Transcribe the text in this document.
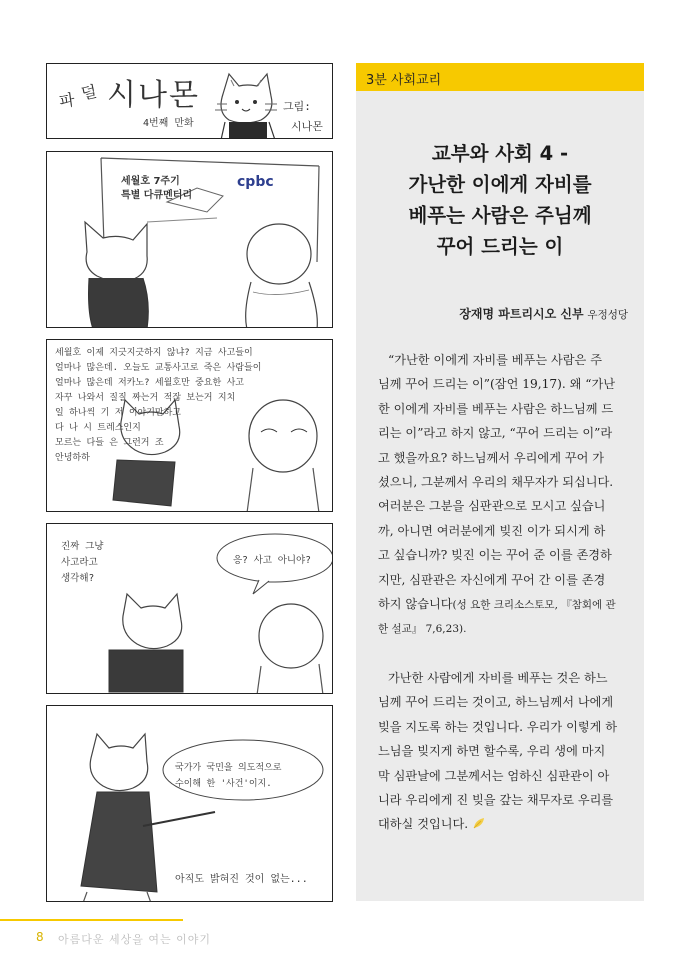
파 덜 시나몬
4번째 만화
그림:
시나몬
세월호 7주기
특별 다큐멘터리
cpbc
세월호 이제 지긋지긋하지 않냐? 지금 사고들이
얼마나 많은데. 오늘도 교통사고로 죽은 사람들이
얼마나 많은데 저카노? 세월호만 중요한 사고
자꾸 나와서 질질 짜는거 적잖 보는거 지치
일 하나씩 기 저 이야기만하고
다 나 시 트레스인지
모르는 다들 은 그런거 조
안녕하하
진짜 그냥
사고라고
생각해?
응? 사고 아니야?
국가가 국민을 의도적으로
수이해 한 '사건'이지.
아직도 밝혀진 것이 없는...
3분 사회교리
교부와 사회 4 -
가난한 이에게 자비를
베푸는 사람은 주님께
꾸어 드리는 이
장재명 파트리시오 신부 우정성당
“가난한 이에게 자비를 베푸는 사람은 주
님께 꾸어 드리는 이”(잠언 19,17). 왜 “가난
한 이에게 자비를 베푸는 사람은 하느님께 드
리는 이”라고 하지 않고, “꾸어 드리는 이”라
고 했을까요? 하느님께서 우리에게 꾸어 가
셨으니, 그분께서 우리의 채무자가 되십니다.
여러분은 그분을 심판관으로 모시고 싶습니
까, 아니면 여러분에게 빚진 이가 되시게 하
고 싶습니까? 빚진 이는 꾸어 준 이를 존경하
지만, 심판관은 자신에게 꾸어 간 이를 존경
하지 않습니다(성 요한 크리소스토모, 『참회에 관
한 설교』 7,6,23).
가난한 사람에게 자비를 베푸는 것은 하느
님께 꾸어 드리는 것이고, 하느님께서 나에게
빚을 지도록 하는 것입니다. 우리가 이렇게 하
느님을 빚지게 하면 할수록, 우리 생에 마지
막 심판날에 그분께서는 엄하신 심판관이 아
니라 우리에게 진 빚을 갚는 채무자로 우리를
대하실 것입니다.
8 아름다운 세상을 여는 이야기
